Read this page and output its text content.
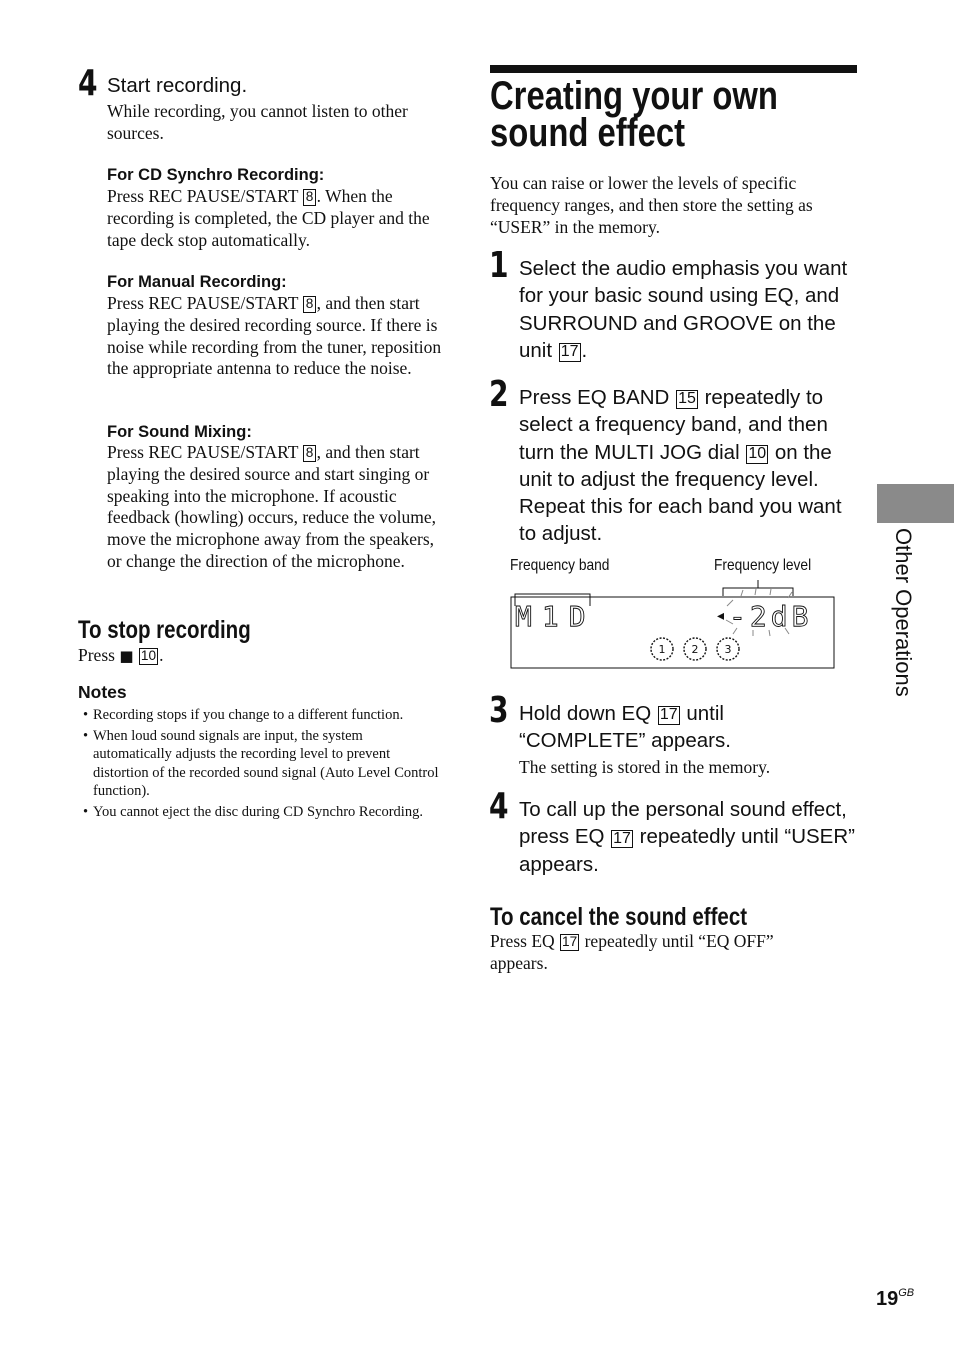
4 Start recording.
While recording, you cannot listen to other sources.
For CD Synchro Recording:
Press REC PAUSE/START 8 . When the recording is completed, the CD player and the tape deck stop automatically.
For Manual Recording:
Press REC PAUSE/START 8 , and then start playing the desired recording source. If there is noise while recording from the tuner, reposition the appropriate antenna to reduce the noise.
For Sound Mixing:
Press REC PAUSE/START 8 , and then start playing the desired source and start singing or speaking into the microphone. If acoustic feedback (howling) occurs, reduce the volume, move the microphone away from the speakers, or change the direction of the microphone.
To stop recording
Press ■ 10 .
Notes
• Recording stops if you change to a different function.
• When loud sound signals are input, the system automatically adjusts the recording level to prevent distortion of the recorded sound signal (Auto Level Control function).
• You cannot eject the disc during CD Synchro Recording.
Creating your own
sound effect
You can raise or lower the levels of specific frequency ranges, and then store the setting as “USER” in the memory.
1 Select the audio emphasis you want for your basic sound using EQ, and SURROUND and GROOVE on the unit 17 .
2 Press EQ BAND 15 repeatedly to select a frequency band, and then turn the MULTI JOG dial 10 on the unit to adjust the frequency level. Repeat this for each band you want to adjust.
Frequency band	Frequency level
M1D	◂ -2dB
1 2 3
3 Hold down EQ 17 until “COMPLETE” appears.
The setting is stored in the memory.
4 To call up the personal sound effect, press EQ 17 repeatedly until “USER” appears.
To cancel the sound effect
Press EQ 17 repeatedly until “EQ OFF” appears.
Other Operations
$19^{GB}$
